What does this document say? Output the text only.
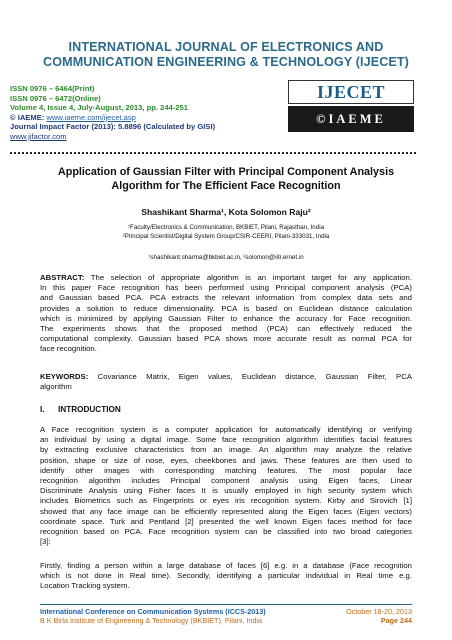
INTERNATIONAL JOURNAL OF ELECTRONICS AND
COMMUNICATION ENGINEERING & TECHNOLOGY (IJECET)
ISSN 0976 – 6464(Print)
ISSN 0976 – 6472(Online)
Volume 4, Issue 4, July-August, 2013, pp. 244-251
© IAEME: www.iaeme.com/ijecet.asp
Journal Impact Factor (2013): 5.8896 (Calculated by GISI)
www.jifactor.com
IJECET
©IAEME
Application of Gaussian Filter with Principal Component Analysis
Algorithm for The Efficient Face Recognition
Shashikant Sharma¹, Kota Solomon Raju²
¹Faculty/Electronics & Communication, BKBIET, Pilani, Rajasthan, India
²Principal Scientist/Digital System Group/CSIR-CEERI, Pilani-333031, India
¹shashikant.sharma@bkbiet.ac.in, ²solomon@iitr.ernet.in
ABSTRACT: The selection of appropriate algorithm is an important target for any application.
In this paper Face recognition has been performed using Principal component analysis (PCA)
and Gaussian based PCA. PCA extracts the relevant information from complex data sets and
provides a solution to reduce dimensionality. PCA is based on Euclidean distance calculation
which is minimized by applying Gaussian Filter to enhance the accuracy for Face recognition.
The experiments shows that the proposed method (PCA) can effectively reduced the
computational complexity. Gaussian based PCA shows more accurate result as normal PCA for
face recognition.
KEYWORDS: Covariance Matrix, Eigen values, Euclidean distance, Gaussian Filter, PCA
algorithm
I. INTRODUCTION
A Face recognition system is a computer application for automatically identifying or verifying
an individual by using a digital image. Some face recognition algorithm identifies facial features
by extracting exclusive characteristics from an image. An algorithm may analyze the relative
position, shape or size of nose, eyes, cheekbones and jaws. These features are then used to
identify other images with corresponding matching features. The most popular face
recognition algorithm includes Principal component analysis using Eigen faces, Linear
Discriminate Analysis using Fisher faces It is usually employed in high security system which
includes Biometrics such as Fingerprints or eyes iris recognition system. Kirby and Sirovich [1]
showed that any face image can be efficiently represented along the Eigen faces (Eigen vectors)
coordinate space. Turk and Pentland [2] presented the well known Eigen faces method for face
recognition based on PCA. Face recognition system can be classified into two broad categories
[3]:
Firstly, finding a person within a large database of faces [6] e.g. in a database (Face recognition
which is not done in Real time). Secondly, identifying a particular individual in Real time e.g.
Location Tracking system.
International Conference on Communication Systems (ICCS-2013)
B K Birla Institute of Engineering & Technology (BKBIET), Pilani, India
October 18-20, 2013
Page 244
